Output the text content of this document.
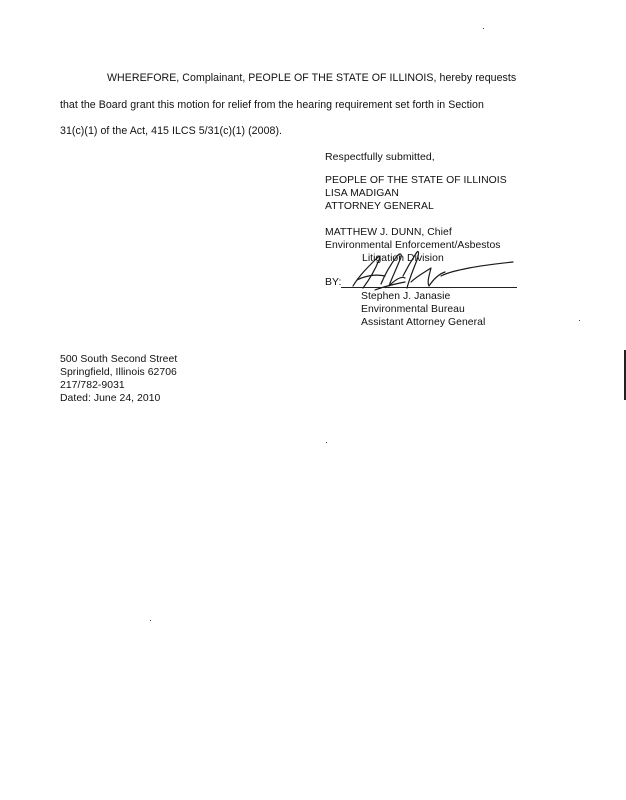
WHEREFORE, Complainant, PEOPLE OF THE STATE OF ILLINOIS, hereby requests
that the Board grant this motion for relief from the hearing requirement set forth in Section
31(c)(1) of the Act, 415 ILCS 5/31(c)(1) (2008).
Respectfully submitted,
PEOPLE OF THE STATE OF ILLINOIS
LISA MADIGAN
ATTORNEY GENERAL
MATTHEW J. DUNN, Chief
Environmental Enforcement/Asbestos
Litigation Division
BY:
Stephen J. Janasie
Environmental Bureau
Assistant Attorney General
500 South Second Street
Springfield, Illinois 62706
217/782-9031
Dated: June 24, 2010
